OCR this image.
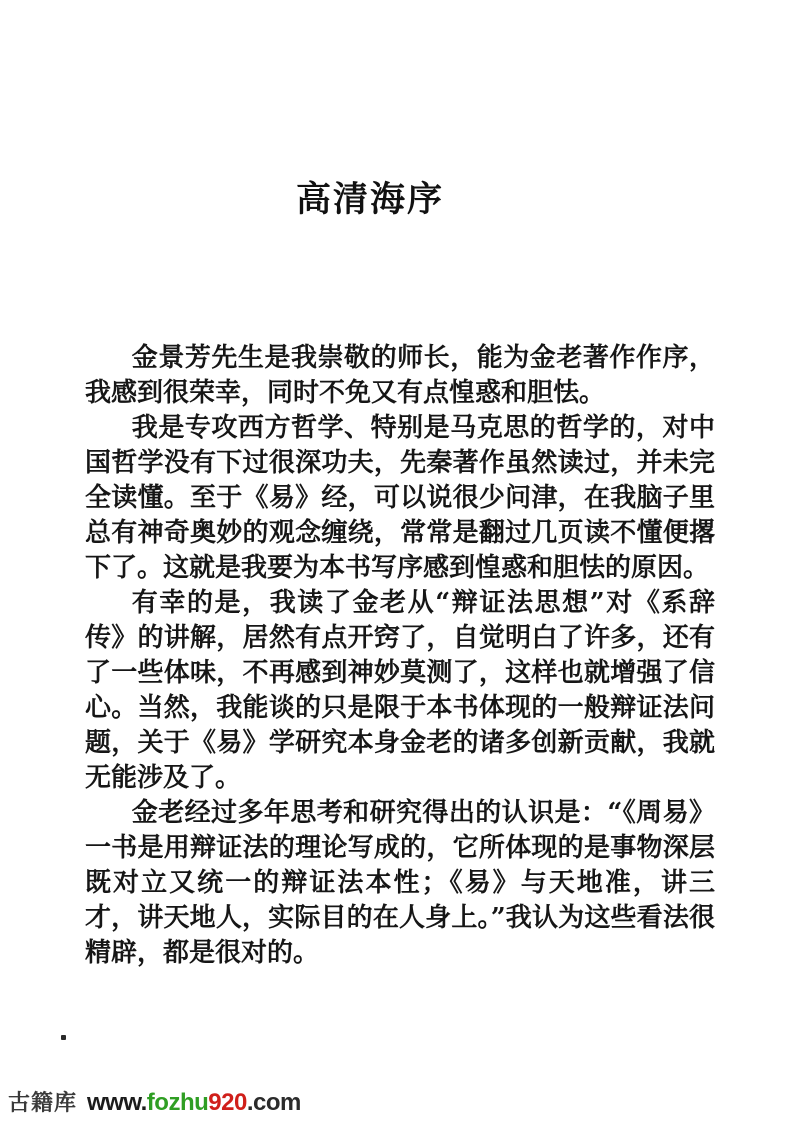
高清海序

金景芳先生是我崇敬的师长，能为金老著作作序，我感到很荣幸，同时不免又有点惶惑和胆怯。

我是专攻西方哲学、特别是马克思的哲学的，对中国哲学没有下过很深功夫，先秦著作虽然读过，并未完全读懂。至于《易》经，可以说很少问津，在我脑子里总有神奇奥妙的观念缠绕，常常是翻过几页读不懂便撂下了。这就是我要为本书写序感到惶惑和胆怯的原因。

有幸的是，我读了金老从“辩证法思想”对《系辞传》的讲解，居然有点开窍了，自觉明白了许多，还有了一些体味，不再感到神妙莫测了，这样也就增强了信心。当然，我能谈的只是限于本书体现的一般辩证法问题，关于《易》学研究本身金老的诸多创新贡献，我就无能涉及了。

金老经过多年思考和研究得出的认识是：“《周易》一书是用辩证法的理论写成的，它所体现的是事物深层既对立又统一的辩证法本性；《易》与天地准，讲三才，讲天地人，实际目的在人身上。”我认为这些看法很精辟，都是很对的。

古籍库 www.fozhu920.com
